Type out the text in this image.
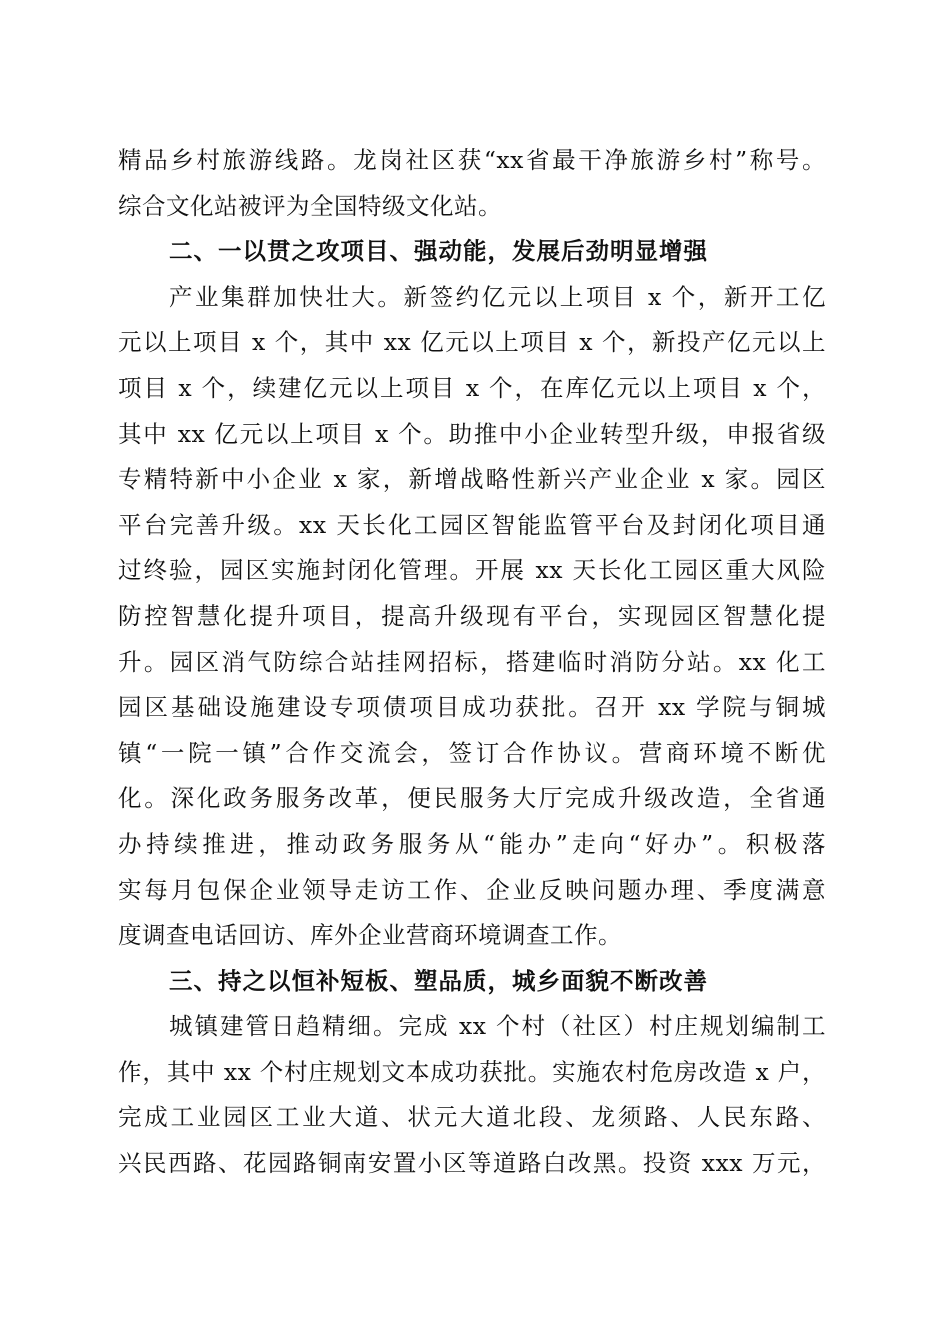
精品乡村旅游线路。龙岗社区获“xx省最干净旅游乡村”称号。
综合文化站被评为全国特级文化站。
二、一以贯之攻项目、强动能，发展后劲明显增强
产业集群加快壮大。新签约亿元以上项目 x 个，新开工亿
元以上项目 x 个，其中 xx 亿元以上项目 x 个，新投产亿元以上
项目 x 个，续建亿元以上项目 x 个，在库亿元以上项目 x 个，
其中 xx 亿元以上项目 x 个。助推中小企业转型升级，申报省级
专精特新中小企业 x 家，新增战略性新兴产业企业 x 家。园区
平台完善升级。xx 天长化工园区智能监管平台及封闭化项目通
过终验，园区实施封闭化管理。开展 xx 天长化工园区重大风险
防控智慧化提升项目，提高升级现有平台，实现园区智慧化提
升。园区消气防综合站挂网招标，搭建临时消防分站。xx 化工
园区基础设施建设专项债项目成功获批。召开 xx 学院与铜城
镇“一院一镇”合作交流会，签订合作协议。营商环境不断优
化。深化政务服务改革，便民服务大厅完成升级改造，全省通
办持续推进，推动政务服务从“能办”走向“好办”。积极落
实每月包保企业领导走访工作、企业反映问题办理、季度满意
度调查电话回访、库外企业营商环境调查工作。
三、持之以恒补短板、塑品质，城乡面貌不断改善
城镇建管日趋精细。完成 xx 个村（社区）村庄规划编制工
作，其中 xx 个村庄规划文本成功获批。实施农村危房改造 x 户，
完成工业园区工业大道、状元大道北段、龙须路、人民东路、
兴民西路、花园路铜南安置小区等道路白改黑。投资 xxx 万元，
